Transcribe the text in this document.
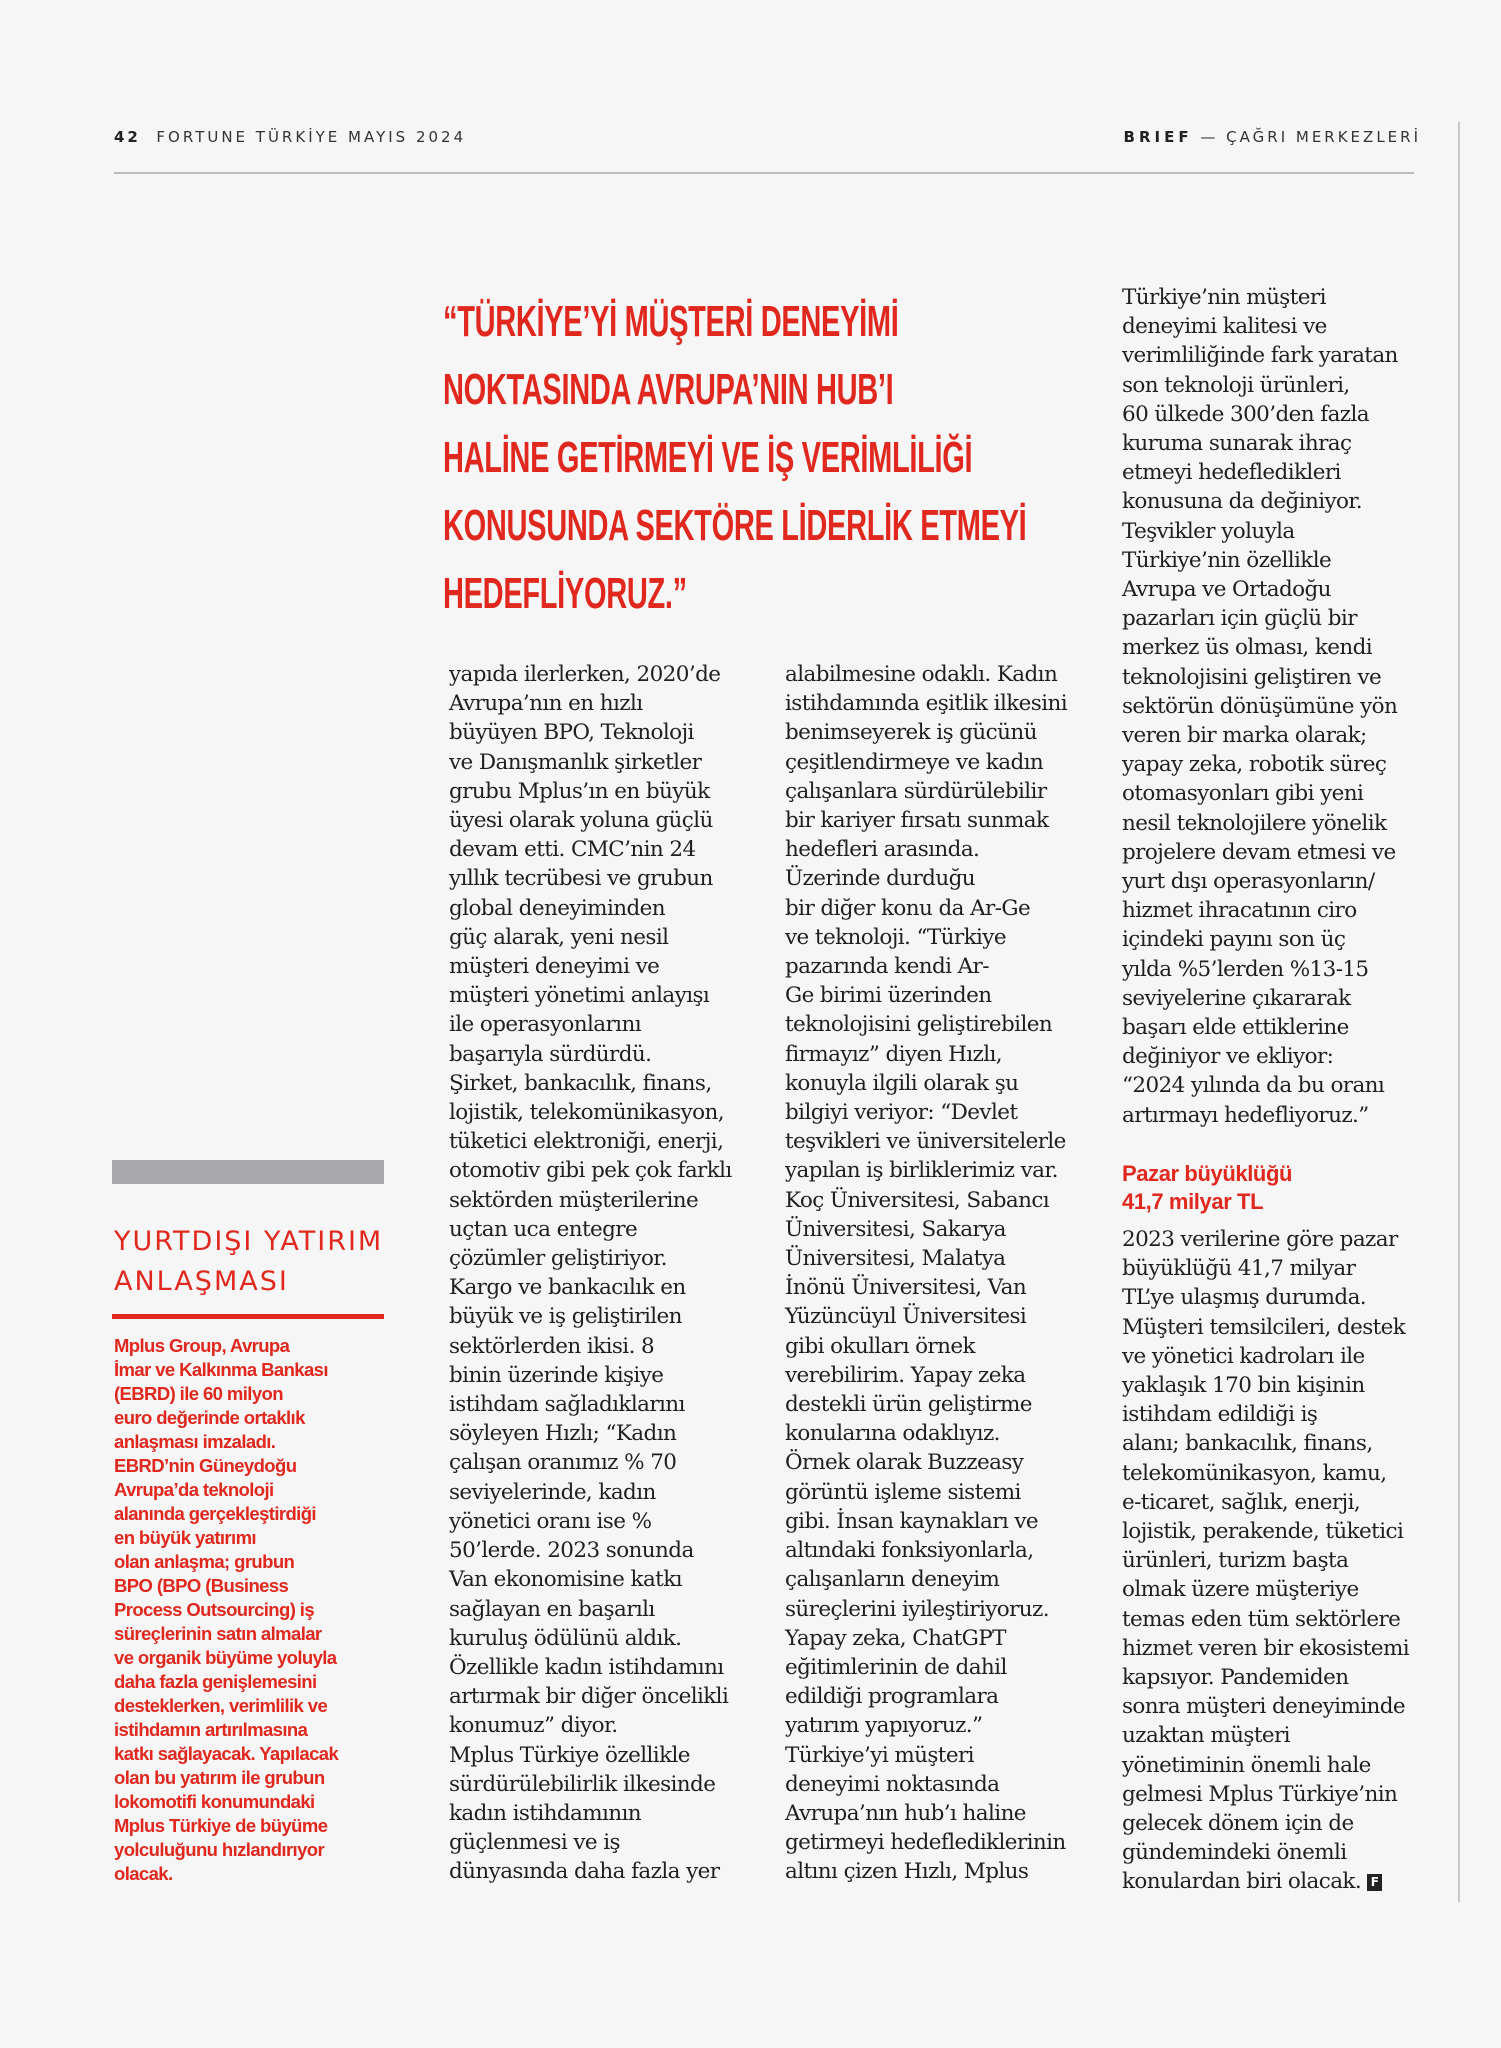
42 FORTUNE TÜRKİYE MAYIS 2024	BRIEF — ÇAĞRI MERKEZLERİ
“TÜRKİYE’Yİ MÜŞTERİ DENEYİMİ
NOKTASINDA AVRUPA’NIN HUB’I
HALİNE GETİRMEYİ VE İŞ VERİMLİLİĞİ
KONUSUNDA SEKTÖRE LİDERLİK ETMEYİ
HEDEFLİYORUZ.”
YURTDIŞI YATIRIM
ANLAŞMASI
Mplus Group, Avrupa
İmar ve Kalkınma Bankası
(EBRD) ile 60 milyon
euro değerinde ortaklık
anlaşması imzaladı.
EBRD’nin Güneydoğu
Avrupa’da teknoloji
alanında gerçekleştirdiği
en büyük yatırımı
olan anlaşma; grubun
BPO (BPO (Business
Process Outsourcing) iş
süreçlerinin satın almalar
ve organik büyüme yoluyla
daha fazla genişlemesini
desteklerken, verimlilik ve
istihdamın artırılmasına
katkı sağlayacak. Yapılacak
olan bu yatırım ile grubun
lokomotifi konumundaki
Mplus Türkiye de büyüme
yolculuğunu hızlandırıyor
olacak.
yapıda ilerlerken, 2020’de
Avrupa’nın en hızlı
büyüyen BPO, Teknoloji
ve Danışmanlık şirketler
grubu Mplus’ın en büyük
üyesi olarak yoluna güçlü
devam etti. CMC’nin 24
yıllık tecrübesi ve grubun
global deneyiminden
güç alarak, yeni nesil
müşteri deneyimi ve
müşteri yönetimi anlayışı
ile operasyonlarını
başarıyla sürdürdü.
Şirket, bankacılık, finans,
lojistik, telekomünikasyon,
tüketici elektroniği, enerji,
otomotiv gibi pek çok farklı
sektörden müşterilerine
uçtan uca entegre
çözümler geliştiriyor.
Kargo ve bankacılık en
büyük ve iş geliştirilen
sektörlerden ikisi. 8
binin üzerinde kişiye
istihdam sağladıklarını
söyleyen Hızlı; “Kadın
çalışan oranımız % 70
seviyelerinde, kadın
yönetici oranı ise %
50’lerde. 2023 sonunda
Van ekonomisine katkı
sağlayan en başarılı
kuruluş ödülünü aldık.
Özellikle kadın istihdamını
artırmak bir diğer öncelikli
konumuz” diyor.
Mplus Türkiye özellikle
sürdürülebilirlik ilkesinde
kadın istihdamının
güçlenmesi ve iş
dünyasında daha fazla yer
alabilmesine odaklı. Kadın
istihdamında eşitlik ilkesini
benimseyerek iş gücünü
çeşitlendirmeye ve kadın
çalışanlara sürdürülebilir
bir kariyer fırsatı sunmak
hedefleri arasında.
Üzerinde durduğu
bir diğer konu da Ar-Ge
ve teknoloji. “Türkiye
pazarında kendi Ar-
Ge birimi üzerinden
teknolojisini geliştirebilen
firmayız” diyen Hızlı,
konuyla ilgili olarak şu
bilgiyi veriyor: “Devlet
teşvikleri ve üniversitelerle
yapılan iş birliklerimiz var.
Koç Üniversitesi, Sabancı
Üniversitesi, Sakarya
Üniversitesi, Malatya
İnönü Üniversitesi, Van
Yüzüncüyıl Üniversitesi
gibi okulları örnek
verebilirim. Yapay zeka
destekli ürün geliştirme
konularına odaklıyız.
Örnek olarak Buzzeasy
görüntü işleme sistemi
gibi. İnsan kaynakları ve
altındaki fonksiyonlarla,
çalışanların deneyim
süreçlerini iyileştiriyoruz.
Yapay zeka, ChatGPT
eğitimlerinin de dahil
edildiği programlara
yatırım yapıyoruz.”
Türkiye’yi müşteri
deneyimi noktasında
Avrupa’nın hub’ı haline
getirmeyi hedeflediklerinin
altını çizen Hızlı, Mplus
Türkiye’nin müşteri
deneyimi kalitesi ve
verimliliğinde fark yaratan
son teknoloji ürünleri,
60 ülkede 300’den fazla
kuruma sunarak ihraç
etmeyi hedefledikleri
konusuna da değiniyor.
Teşvikler yoluyla
Türkiye’nin özellikle
Avrupa ve Ortadoğu
pazarları için güçlü bir
merkez üs olması, kendi
teknolojisini geliştiren ve
sektörün dönüşümüne yön
veren bir marka olarak;
yapay zeka, robotik süreç
otomasyonları gibi yeni
nesil teknolojilere yönelik
projelere devam etmesi ve
yurt dışı operasyonların/
hizmet ihracatının ciro
içindeki payını son üç
yılda %5’lerden %13-15
seviyelerine çıkararak
başarı elde ettiklerine
değiniyor ve ekliyor:
“2024 yılında da bu oranı
artırmayı hedefliyoruz.”
Pazar büyüklüğü
41,7 milyar TL
2023 verilerine göre pazar
büyüklüğü 41,7 milyar
TL’ye ulaşmış durumda.
Müşteri temsilcileri, destek
ve yönetici kadroları ile
yaklaşık 170 bin kişinin
istihdam edildiği iş
alanı; bankacılık, finans,
telekomünikasyon, kamu,
e-ticaret, sağlık, enerji,
lojistik, perakende, tüketici
ürünleri, turizm başta
olmak üzere müşteriye
temas eden tüm sektörlere
hizmet veren bir ekosistemi
kapsıyor. Pandemiden
sonra müşteri deneyiminde
uzaktan müşteri
yönetiminin önemli hale
gelmesi Mplus Türkiye’nin
gelecek dönem için de
gündemindeki önemli
konulardan biri olacak. F
